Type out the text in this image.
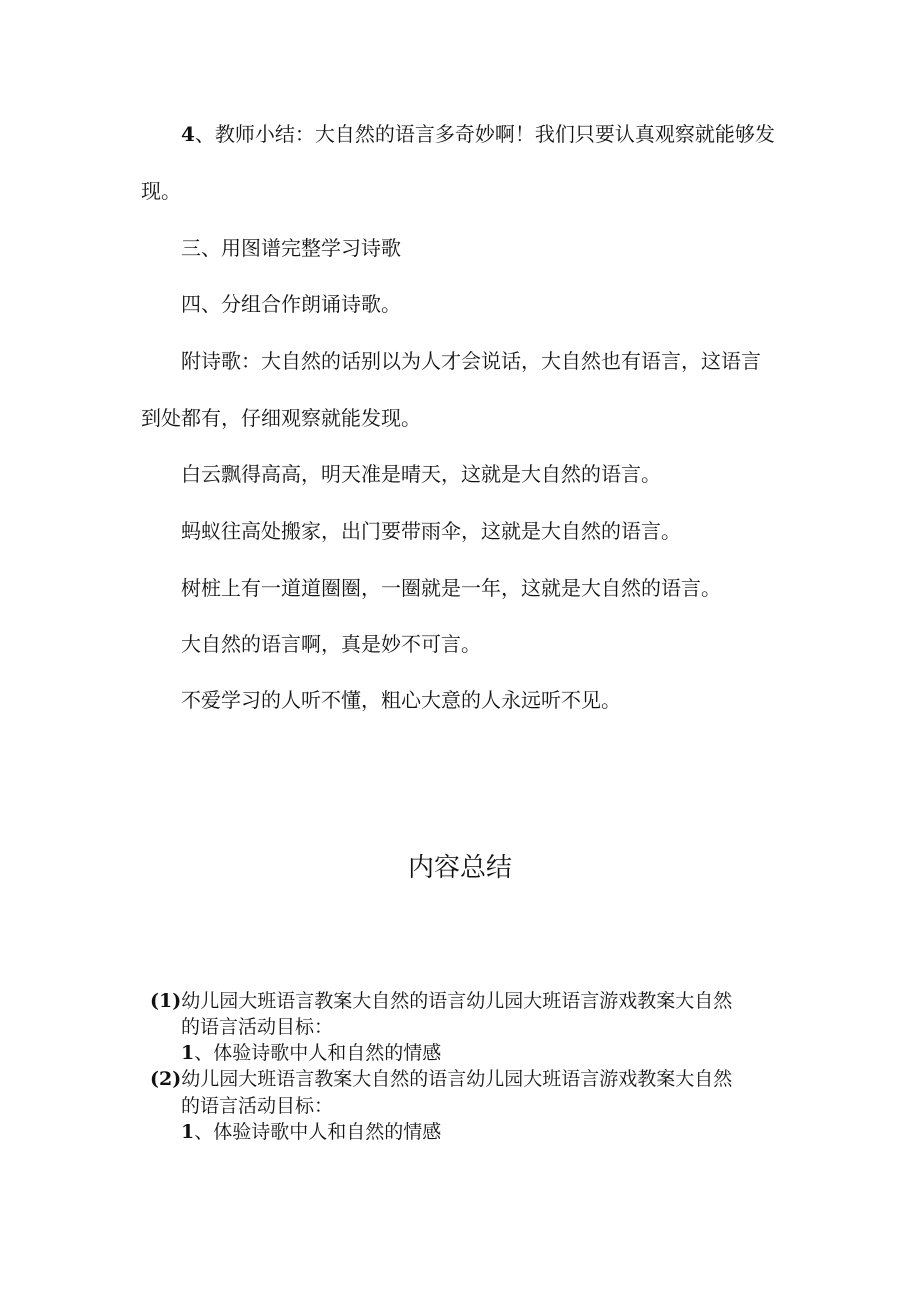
4、教师小结：大自然的语言多奇妙啊！我们只要认真观察就能够发
现。
三、用图谱完整学习诗歌
四、分组合作朗诵诗歌。
附诗歌：大自然的话别以为人才会说话，大自然也有语言，这语言
到处都有，仔细观察就能发现。
白云飘得高高，明天准是晴天，这就是大自然的语言。
蚂蚁往高处搬家，出门要带雨伞，这就是大自然的语言。
树桩上有一道道圈圈，一圈就是一年，这就是大自然的语言。
大自然的语言啊，真是妙不可言。
不爱学习的人听不懂，粗心大意的人永远听不见。
内容总结
(1)幼儿园大班语言教案大自然的语言幼儿园大班语言游戏教案大自然
的语言活动目标：
1、体验诗歌中人和自然的情感
(2)幼儿园大班语言教案大自然的语言幼儿园大班语言游戏教案大自然
的语言活动目标：
1、体验诗歌中人和自然的情感
